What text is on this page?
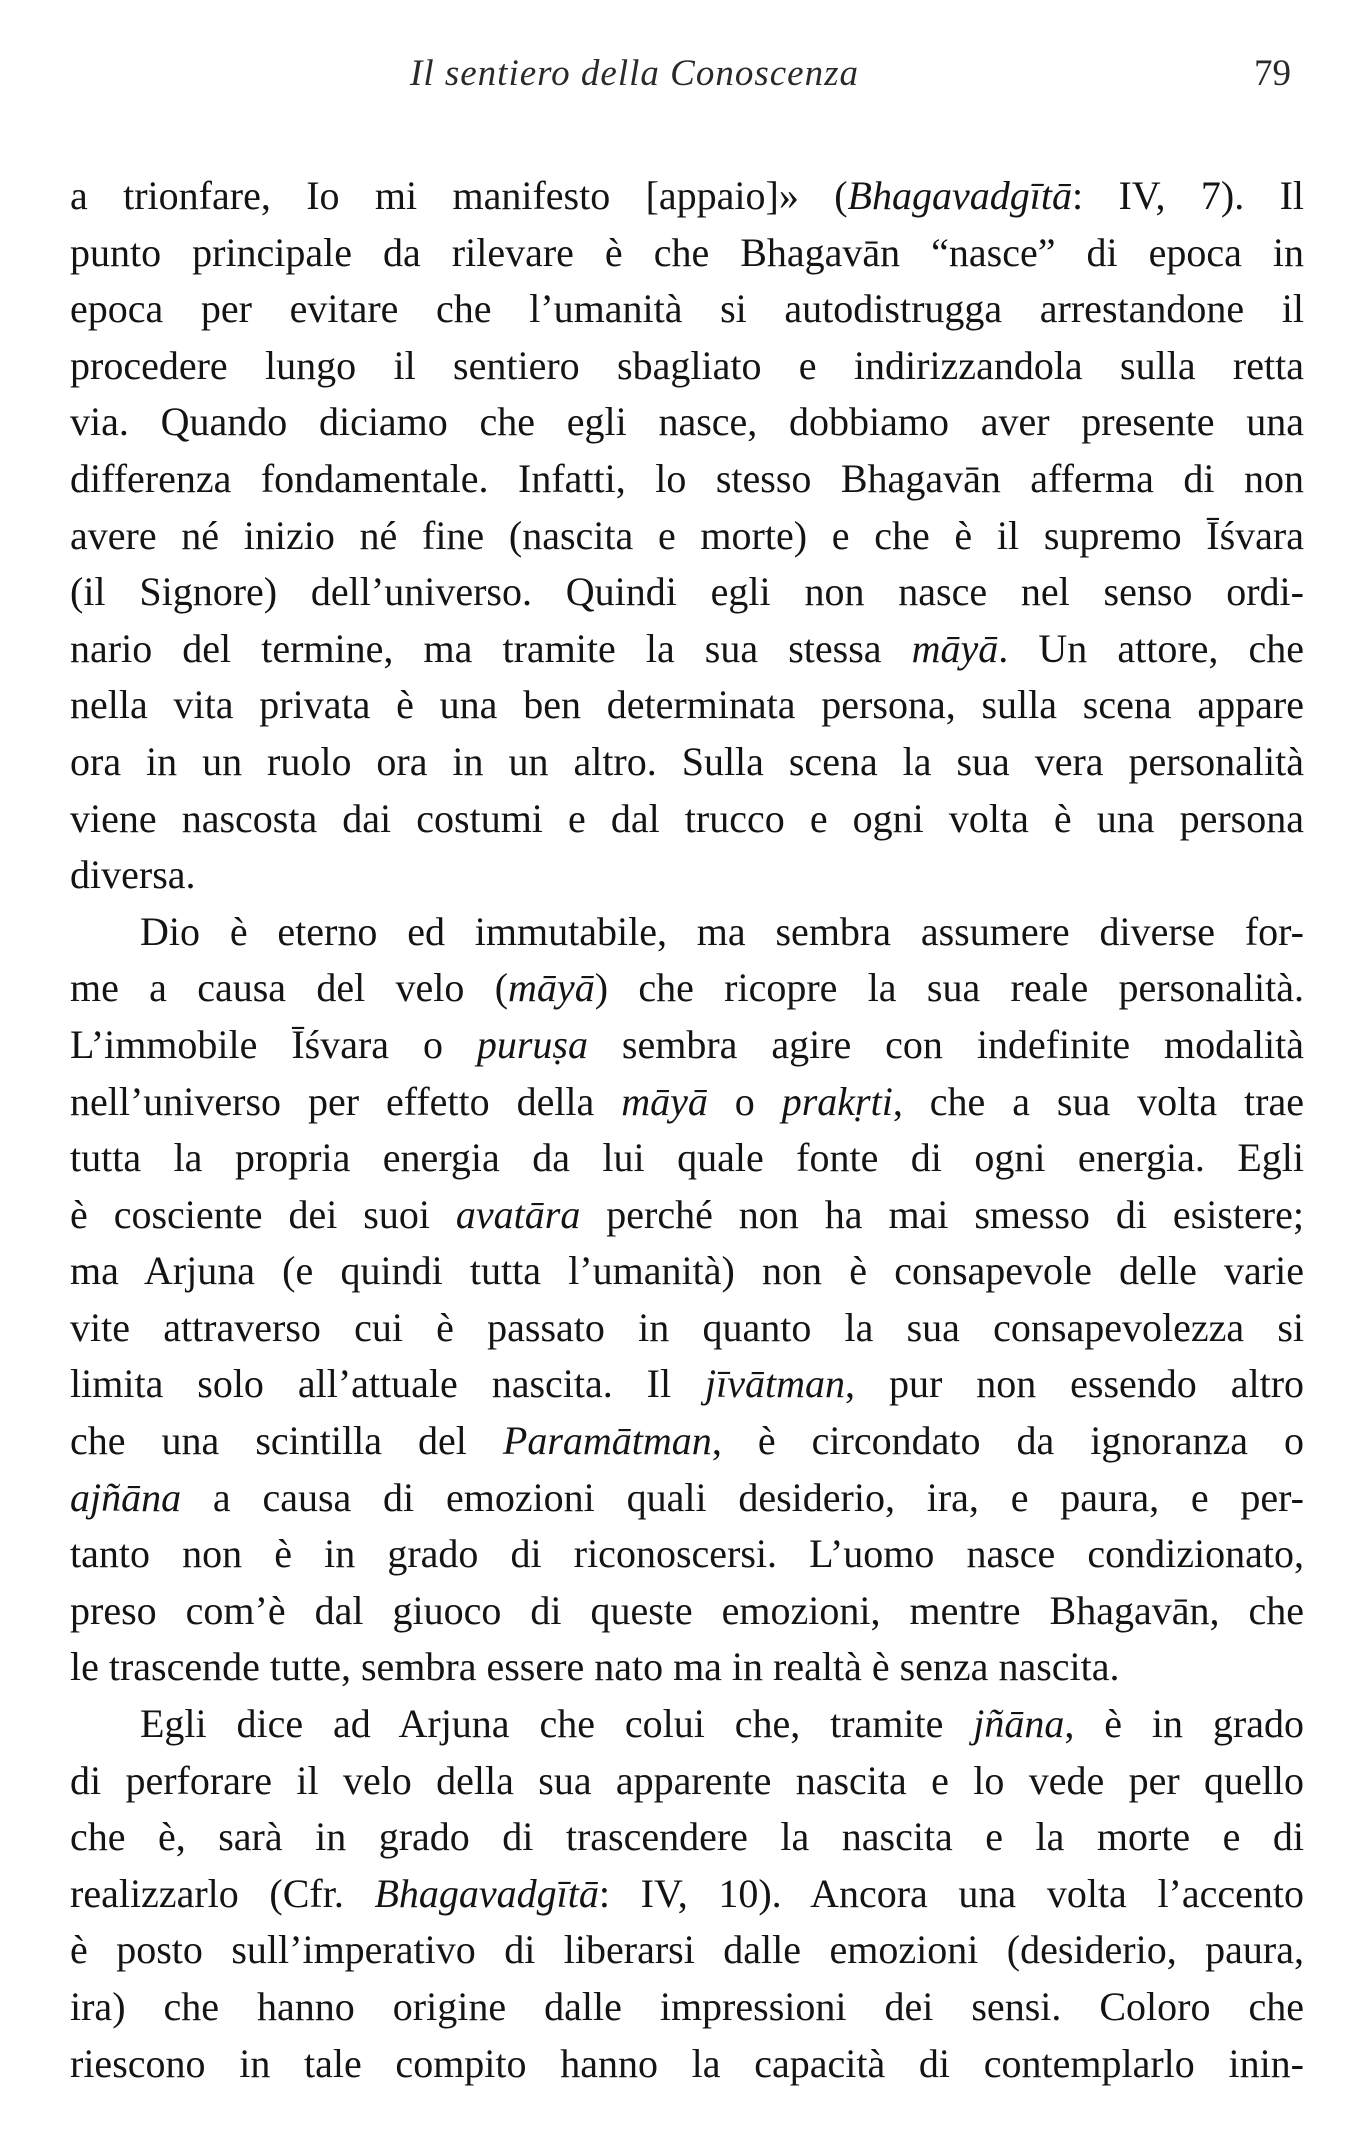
Il sentiero della Conoscenza	79
a trionfare, Io mi manifesto [appaio]» (Bhagavadgītā: IV, 7). Il
punto principale da rilevare è che Bhagavān “nasce” di epoca in
epoca per evitare che l’umanità si autodistrugga arrestandone il
procedere lungo il sentiero sbagliato e indirizzandola sulla retta
via. Quando diciamo che egli nasce, dobbiamo aver presente una
differenza fondamentale. Infatti, lo stesso Bhagavān afferma di non
avere né inizio né fine (nascita e morte) e che è il supremo Īśvara
(il Signore) dell’universo. Quindi egli non nasce nel senso ordi-
nario del termine, ma tramite la sua stessa māyā. Un attore, che
nella vita privata è una ben determinata persona, sulla scena appare
ora in un ruolo ora in un altro. Sulla scena la sua vera personalità
viene nascosta dai costumi e dal trucco e ogni volta è una persona
diversa.
Dio è eterno ed immutabile, ma sembra assumere diverse for-
me a causa del velo (māyā) che ricopre la sua reale personalità.
L’immobile Īśvara o puruṣa sembra agire con indefinite modalità
nell’universo per effetto della māyā o prakṛti, che a sua volta trae
tutta la propria energia da lui quale fonte di ogni energia. Egli
è cosciente dei suoi avatāra perché non ha mai smesso di esistere;
ma Arjuna (e quindi tutta l’umanità) non è consapevole delle varie
vite attraverso cui è passato in quanto la sua consapevolezza si
limita solo all’attuale nascita. Il jīvātman, pur non essendo altro
che una scintilla del Paramātman, è circondato da ignoranza o
ajñāna a causa di emozioni quali desiderio, ira, e paura, e per-
tanto non è in grado di riconoscersi. L’uomo nasce condizionato,
preso com’è dal giuoco di queste emozioni, mentre Bhagavān, che
le trascende tutte, sembra essere nato ma in realtà è senza nascita.
Egli dice ad Arjuna che colui che, tramite jñāna, è in grado
di perforare il velo della sua apparente nascita e lo vede per quello
che è, sarà in grado di trascendere la nascita e la morte e di
realizzarlo (Cfr. Bhagavadgītā: IV, 10). Ancora una volta l’accento
è posto sull’imperativo di liberarsi dalle emozioni (desiderio, paura,
ira) che hanno origine dalle impressioni dei sensi. Coloro che
riescono in tale compito hanno la capacità di contemplarlo inin-
